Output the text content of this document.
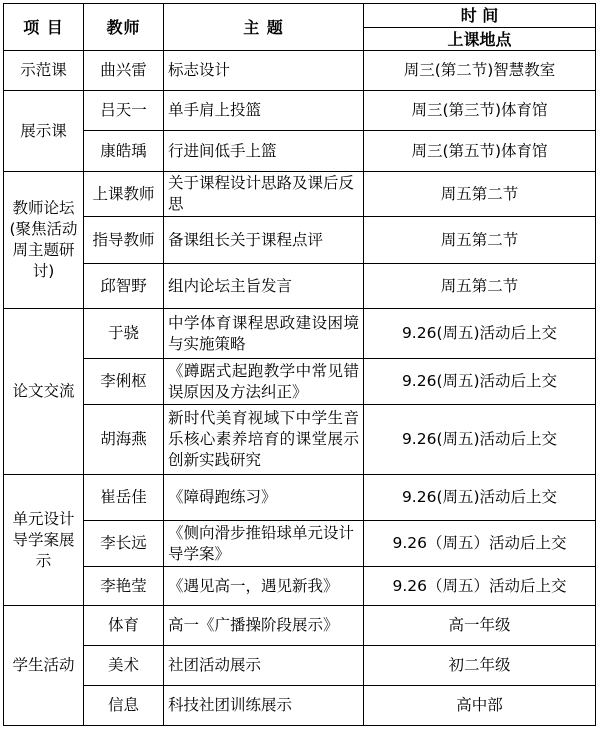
项 目	教师	主 题	时 间
			上课地点
示范课	曲兴雷	标志设计	周三(第二节)智慧教室
展示课	吕天一	单手肩上投篮	周三(第三节)体育馆
	康皓瑀	行进间低手上篮	周三(第五节)体育馆
教师论坛(聚焦活动周主题研讨)	上课教师	关于课程设计思路及课后反思	周五第二节
	指导教师	备课组长关于课程点评	周五第二节
	邱智野	组内论坛主旨发言	周五第二节
论文交流	于骁	中学体育课程思政建设困境与实施策略	9.26(周五)活动后上交
	李俐枢	《蹲踞式起跑教学中常见错误原因及方法纠正》	9.26(周五)活动后上交
	胡海燕	新时代美育视域下中学生音乐核心素养培育的课堂展示创新实践研究	9.26(周五)活动后上交
单元设计导学案展示	崔岳佳	《障碍跑练习》	9.26(周五)活动后上交
	李长远	《侧向滑步推铅球单元设计导学案》	9.26（周五）活动后上交
	李艳莹	《遇见高一，遇见新我》	9.26（周五）活动后上交
学生活动	体育	高一《广播操阶段展示》	高一年级
	美术	社团活动展示	初二年级
	信息	科技社团训练展示	高中部
